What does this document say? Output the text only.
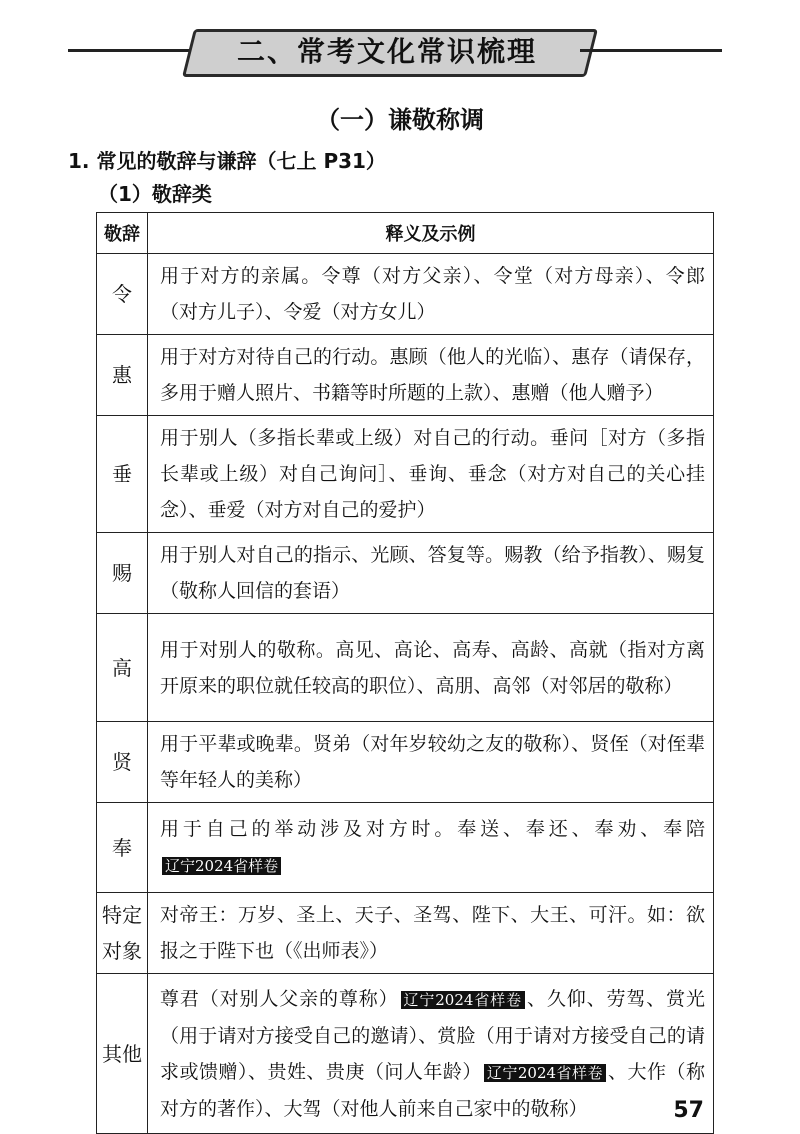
二、常考文化常识梳理
（一）谦敬称调
1. 常见的敬辞与谦辞（七上 P31）
（1）敬辞类
敬辞	释义及示例
令	用于对方的亲属。令尊（对方父亲）、令堂（对方母亲）、令郎（对方儿子）、令爱（对方女儿）
惠	用于对方对待自己的行动。惠顾（他人的光临）、惠存（请保存，多用于赠人照片、书籍等时所题的上款）、惠赠（他人赠予）
垂	用于别人（多指长辈或上级）对自己的行动。垂问［对方（多指长辈或上级）对自己询问］、垂询、垂念（对方对自己的关心挂念）、垂爱（对方对自己的爱护）
赐	用于别人对自己的指示、光顾、答复等。赐教（给予指教）、赐复（敬称人回信的套语）
高	用于对别人的敬称。高见、高论、高寿、高龄、高就（指对方离开原来的职位就任较高的职位）、高朋、高邻（对邻居的敬称）
贤	用于平辈或晚辈。贤弟（对年岁较幼之友的敬称）、贤侄（对侄辈等年轻人的美称）
奉	用于自己的举动涉及对方时。奉送、奉还、奉劝、奉陪辽宁2024省样卷
特定对象	对帝王：万岁、圣上、天子、圣驾、陛下、大王、可汗。如：欲报之于陛下也（《出师表》）
其他	尊君（对别人父亲的尊称） 辽宁2024省样卷 、久仰、劳驾、赏光（用于请对方接受自己的邀请）、赏脸（用于请对方接受自己的请求或馈赠）、贵姓、贵庚（问人年龄） 辽宁2024省样卷 、大作（称对方的著作）、大驾（对他人前来自己家中的敬称）	57
